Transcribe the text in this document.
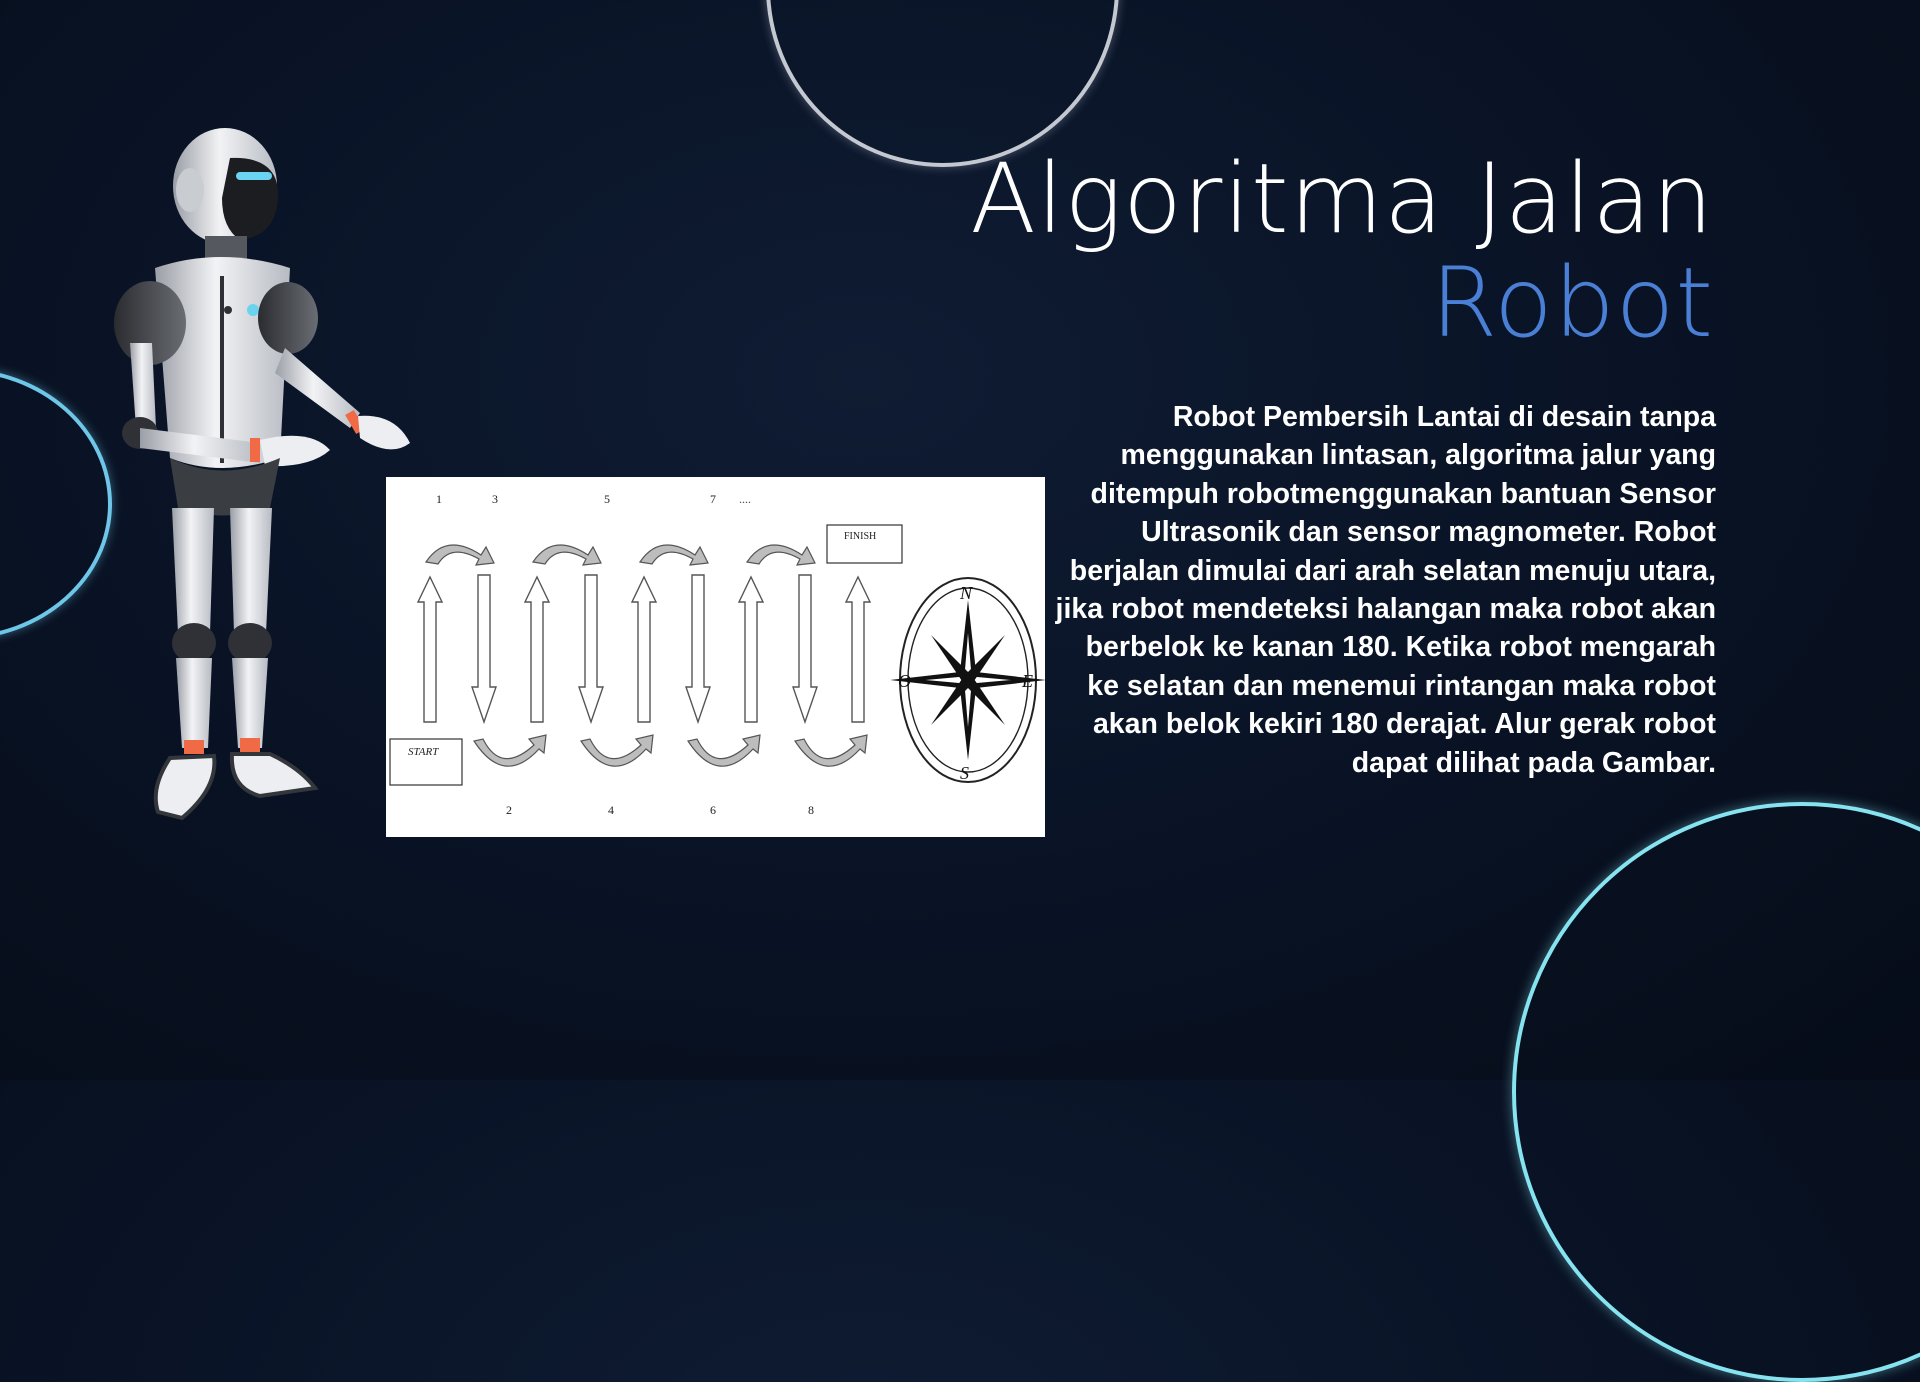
1	3	5	7 ....
START
FINISH
2	4	6	8
N
S
E
O
Algoritma Jalan
Robot

Robot Pembersih Lantai di desain tanpa menggunakan lintasan, algoritma jalur yang ditempuh robotmenggunakan bantuan Sensor Ultrasonik dan sensor magnometer. Robot berjalan dimulai dari arah selatan menuju utara, jika robot mendeteksi halangan maka robot akan berbelok ke kanan 180. Ketika robot mengarah ke selatan dan menemui rintangan maka robot akan belok kekiri 180 derajat. Alur gerak robot dapat dilihat pada Gambar.
